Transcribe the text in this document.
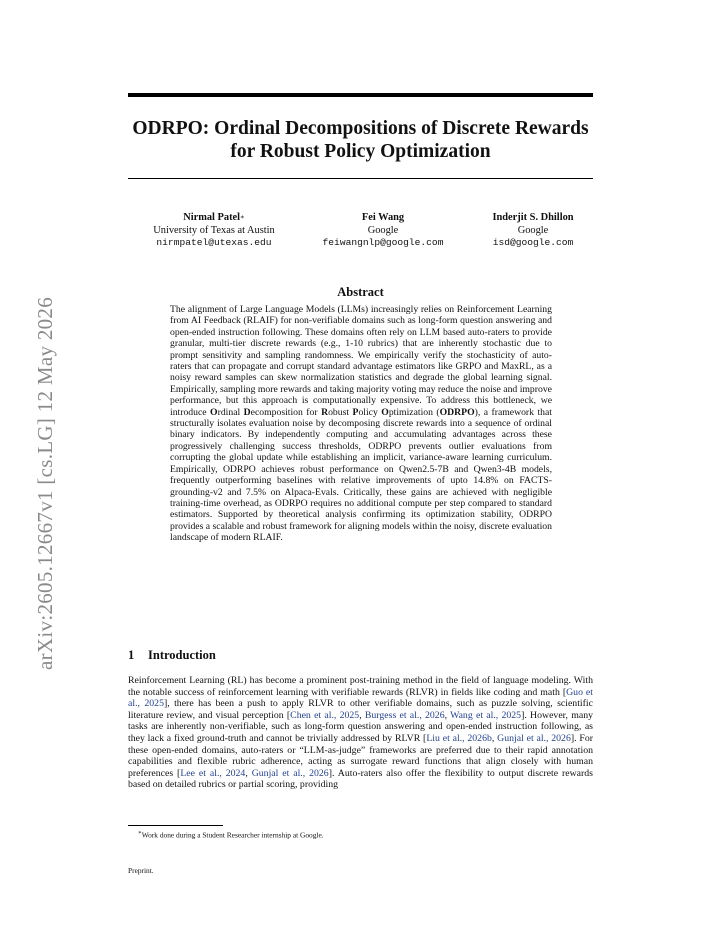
arXiv:2605.12667v1 [cs.LG] 12 May 2026
ODRPO: Ordinal Decompositions of Discrete Rewards
for Robust Policy Optimization
Nirmal Patel∗
University of Texas at Austin
nirmpatel@utexas.edu
Fei Wang
Google
feiwangnlp@google.com
Inderjit S. Dhillon
Google
isd@google.com
Abstract

The alignment of Large Language Models (LLMs) increasingly relies on Reinforcement Learning from AI Feedback (RLAIF) for non-verifiable domains such as long-form question answering and open-ended instruction following. These domains often rely on LLM based auto-raters to provide granular, multi-tier discrete rewards (e.g., 1-10 rubrics) that are inherently stochastic due to prompt sensitivity and sampling randomness. We empirically verify the stochasticity of auto-raters that can propagate and corrupt standard advantage estimators like GRPO and MaxRL, as a noisy reward samples can skew normalization statistics and degrade the global learning signal. Empirically, sampling more rewards and taking majority voting may reduce the noise and improve performance, but this approach is computationally expensive. To address this bottleneck, we introduce Ordinal Decomposition for Robust Policy Optimization (ODRPO), a framework that structurally isolates evaluation noise by decomposing discrete rewards into a sequence of ordinal binary indicators. By independently computing and accumulating advantages across these progressively challenging success thresholds, ODRPO prevents outlier evaluations from corrupting the global update while establishing an implicit, variance-aware learning curriculum. Empirically, ODRPO achieves robust performance on Qwen2.5-7B and Qwen3-4B models, frequently outperforming baselines with relative improvements of upto 14.8% on FACTS-grounding-v2 and 7.5% on Alpaca-Evals. Critically, these gains are achieved with negligible training-time overhead, as ODRPO requires no additional compute per step compared to standard estimators. Supported by theoretical analysis confirming its optimization stability, ODRPO provides a scalable and robust framework for aligning models within the noisy, discrete evaluation landscape of modern RLAIF.

1 Introduction

Reinforcement Learning (RL) has become a prominent post-training method in the field of language modeling. With the notable success of reinforcement learning with verifiable rewards (RLVR) in fields like coding and math [Guo et al., 2025], there has been a push to apply RLVR to other verifiable domains, such as puzzle solving, scientific literature review, and visual perception [Chen et al., 2025, Burgess et al., 2026, Wang et al., 2025]. However, many tasks are inherently non-verifiable, such as long-form question answering and open-ended instruction following, as they lack a fixed ground-truth and cannot be trivially addressed by RLVR [Liu et al., 2026b, Gunjal et al., 2026]. For these open-ended domains, auto-raters or “LLM-as-judge” frameworks are preferred due to their rapid annotation capabilities and flexible rubric adherence, acting as surrogate reward functions that align closely with human preferences [Lee et al., 2024, Gunjal et al., 2026]. Auto-raters also offer the flexibility to output discrete rewards based on detailed rubrics or partial scoring, providing

∗Work done during a Student Researcher internship at Google.
Preprint.
